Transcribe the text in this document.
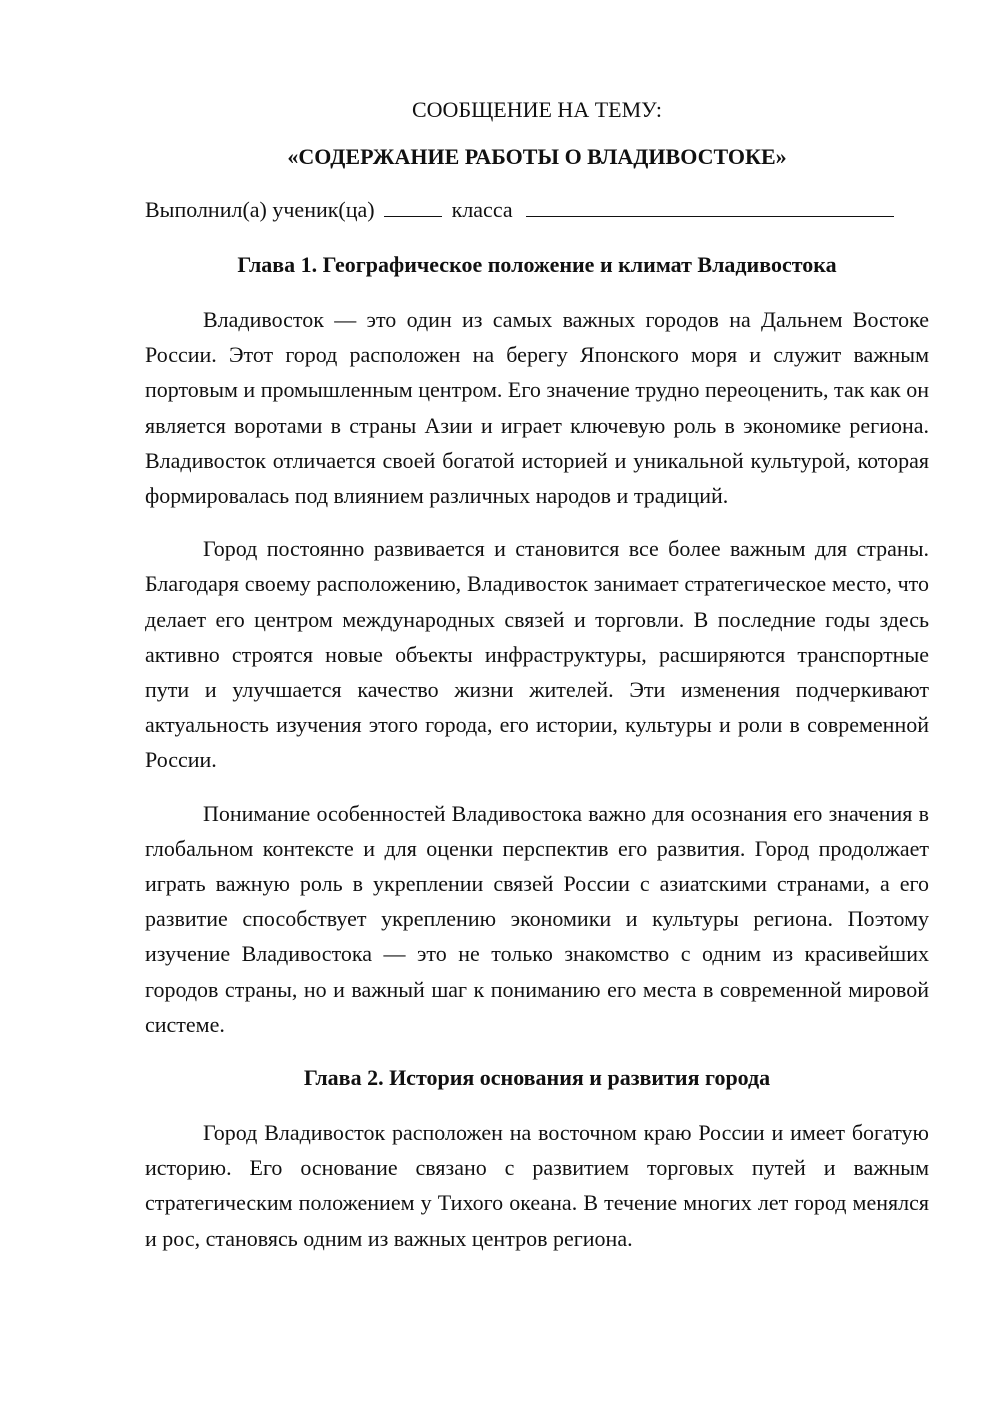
СООБЩЕНИЕ НА ТЕМУ:

«СОДЕРЖАНИЕ РАБОТЫ О ВЛАДИВОСТОКЕ»

Выполнил(а) ученик(ца)	класса
Глава 1. Географическое положение и климат Владивостока

Владивосток — это один из самых важных городов на Дальнем Востоке России. Этот город расположен на берегу Японского моря и служит важным портовым и промышленным центром. Его значение трудно переоценить, так как он является воротами в страны Азии и играет ключевую роль в экономике региона. Владивосток отличается своей богатой историей и уникальной культурой, которая формировалась под влиянием различных народов и традиций.

Город постоянно развивается и становится все более важным для страны. Благодаря своему расположению, Владивосток занимает стратегическое место, что делает его центром международных связей и торговли. В последние годы здесь активно строятся новые объекты инфраструктуры, расширяются транспортные пути и улучшается качество жизни жителей. Эти изменения подчеркивают актуальность изучения этого города, его истории, культуры и роли в современной России.

Понимание особенностей Владивостока важно для осознания его значения в глобальном контексте и для оценки перспектив его развития. Город продолжает играть важную роль в укреплении связей России с азиатскими странами, а его развитие способствует укреплению экономики и культуры региона. Поэтому изучение Владивостока — это не только знакомство с одним из красивейших городов страны, но и важный шаг к пониманию его места в современной мировой системе.

Глава 2. История основания и развития города

Город Владивосток расположен на восточном краю России и имеет богатую историю. Его основание связано с развитием торговых путей и важным стратегическим положением у Тихого океана. В течение многих лет город менялся и рос, становясь одним из важных центров региона.
